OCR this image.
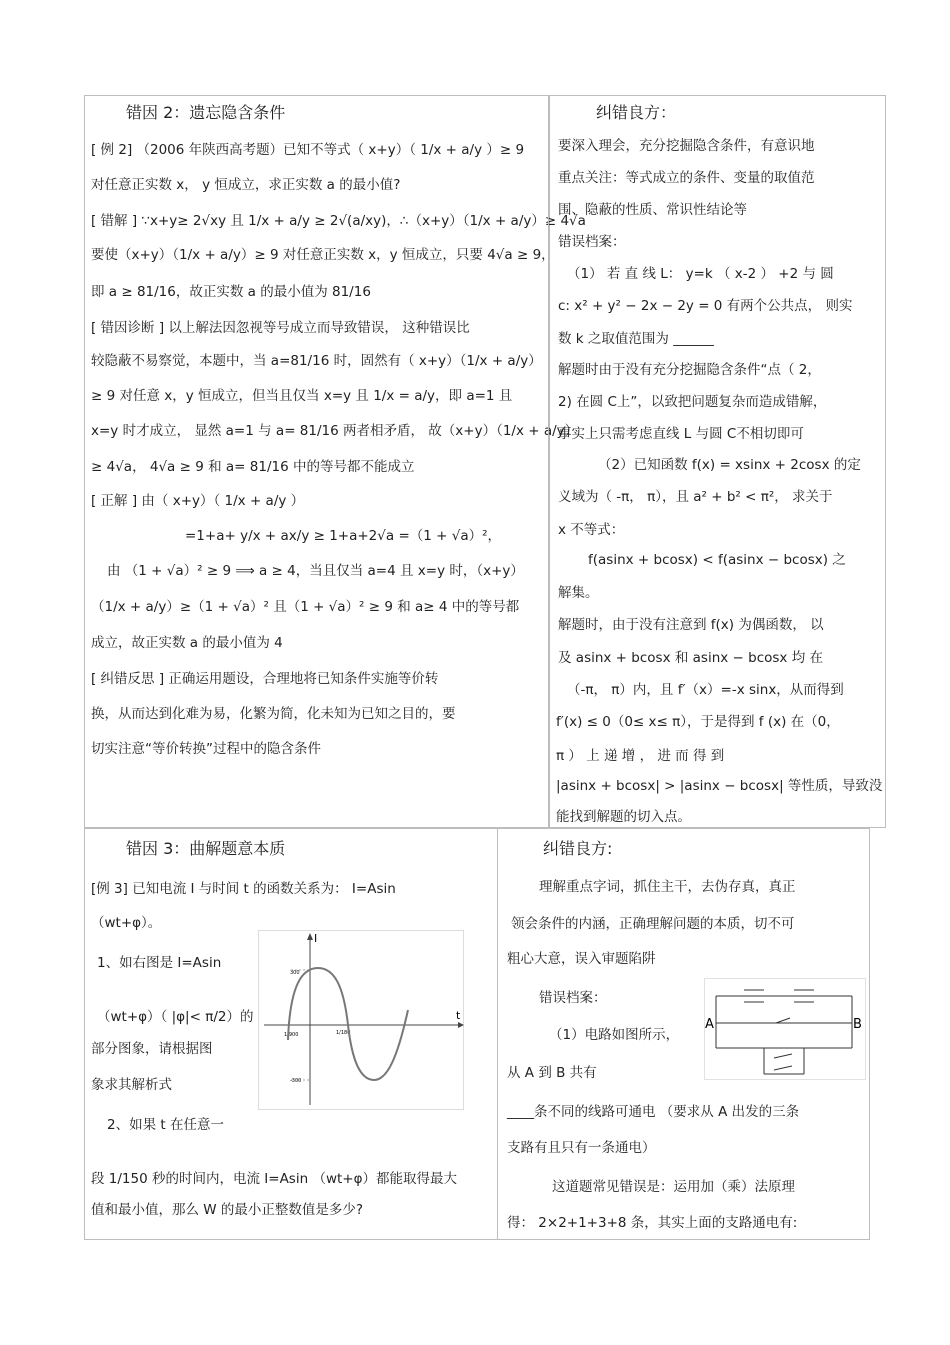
错因 2：遗忘隐含条件
[ 例 2] （2006 年陕西高考题）已知不等式（ x+y）（ 1/x + a/y ）≥ 9
对任意正实数 x， y 恒成立，求正实数 a 的最小值?
[ 错解 ] ∵x+y≥ 2√xy 且 1/x + a/y ≥ 2√(a/xy)，∴（x+y）（1/x + a/y）≥ 4√a
要使（x+y）（1/x + a/y）≥ 9 对任意正实数 x，y 恒成立，只要 4√a ≥ 9，
即 a ≥ 81/16，故正实数 a 的最小值为 81/16
[ 错因诊断 ] 以上解法因忽视等号成立而导致错误， 这种错误比
较隐蔽不易察觉，本题中，当 a=81/16 时，固然有（ x+y）（1/x + a/y）
≥ 9 对任意 x，y 恒成立，但当且仅当 x=y 且 1/x = a/y，即 a=1 且
x=y 时才成立， 显然 a=1 与 a= 81/16 两者相矛盾， 故（x+y）（1/x + a/y）
≥ 4√a， 4√a ≥ 9 和 a= 81/16 中的等号都不能成立
[ 正解 ] 由（ x+y）（ 1/x + a/y ）
=1+a+ y/x + ax/y ≥ 1+a+2√a =（1 + √a）²，
由 （1 + √a）² ≥ 9 ⟹ a ≥ 4，当且仅当 a=4 且 x=y 时，（x+y）
（1/x + a/y）≥（1 + √a）² 且（1 + √a）² ≥ 9 和 a≥ 4 中的等号都
成立，故正实数 a 的最小值为 4
[ 纠错反思 ] 正确运用题设，合理地将已知条件实施等价转
换，从而达到化难为易，化繁为简，化未知为已知之目的，要
切实注意“等价转换”过程中的隐含条件
纠错良方：
要深入理会，充分挖掘隐含条件，有意识地
重点关注：等式成立的条件、变量的取值范
围、隐蔽的性质、常识性结论等
错误档案：
（1） 若 直 线 L： y=k （ x-2 ） +2 与 圆
c: x² + y² − 2x − 2y = 0 有两个公共点， 则实
数 k 之取值范围为 ______
解题时由于没有充分挖掘隐含条件“点（ 2，
2) 在圆 C上”，以致把问题复杂而造成错解，
事实上只需考虑直线 L 与圆 C不相切即可
（2）已知函数 f(x) = xsinx + 2cosx 的定
义域为（ -π， π），且 a² + b² < π²， 求关于
x 不等式：
f(asinx + bcosx) < f(asinx − bcosx) 之
解集。
解题时，由于没有注意到 f(x) 为偶函数， 以
及 asinx + bcosx 和 asinx − bcosx 均 在
（-π， π）内，且 f′（x）=-x sinx，从而得到
f′(x) ≤ 0（0≤ x≤ π），于是得到 f (x) 在（0，
π ） 上 递 增 ， 进 而 得 到
|asinx + bcosx| > |asinx − bcosx| 等性质，导致没
能找到解题的切入点。
错因 3：曲解题意本质
[例 3] 已知电流 I 与时间 t 的函数关系为： I=Asin
（wt+φ）。
1、如右图是 I=Asin
（wt+φ）（ |φ|< π/2）的
部分图象，请根据图
象求其解析式
2、如果 t 在任意一
段 1/150 秒的时间内，电流 I=Asin （wt+φ）都能取得最大
值和最小值，那么 W 的最小正整数值是多少?
I
t
300
-300
1/900	1/180
纠错良方:
理解重点字词，抓住主干，去伪存真，真正
领会条件的内涵，正确理解问题的本质，切不可
粗心大意，误入审题陷阱
错误档案：
（1）电路如图所示，
从 A 到 B 共有
____条不同的线路可通电 （要求从 A 出发的三条
支路有且只有一条通电）
这道题常见错误是：运用加（乘）法原理
得： 2×2+1+3+8 条，其实上面的支路通电有:
A	B
